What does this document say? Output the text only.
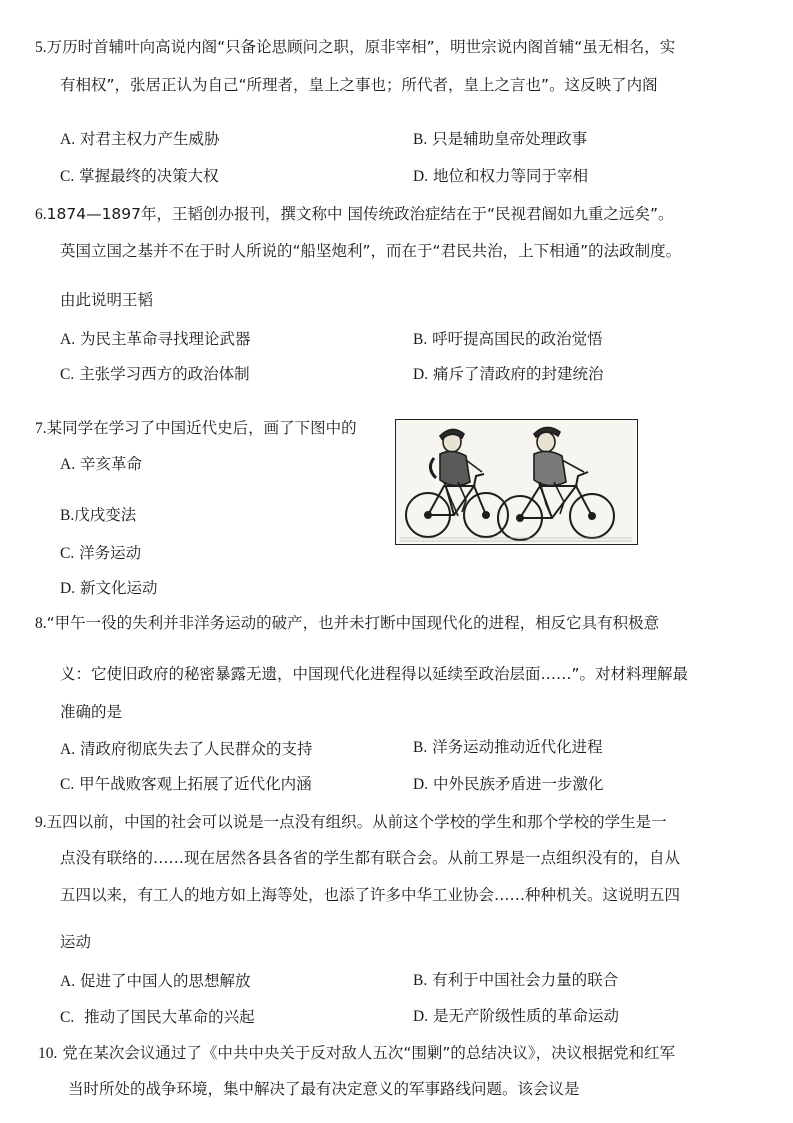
5.万历时首辅叶向高说内阁“只备论思顾问之职，原非宰相”，明世宗说内阁首辅“虽无相名，实
有相权”，张居正认为自己“所理者，皇上之事也；所代者，皇上之言也”。这反映了内阁
A. 对君主权力产生威胁	B. 只是辅助皇帝处理政事
C. 掌握最终的决策大权	D. 地位和权力等同于宰相
6.1874—1897年，王韬创办报刊，撰文称中 国传统政治症结在于“民视君阍如九重之远矣”。
英国立国之基并不在于时人所说的“船坚炮利”，而在于“君民共治，上下相通”的法政制度。
由此说明王韬
A. 为民主革命寻找理论武器	B. 呼吁提高国民的政治觉悟
C. 主张学习西方的政治体制	D. 痛斥了清政府的封建统治
7.某同学在学习了中国近代史后，画了下图中的
A. 辛亥革命
B.戊戌变法
C. 洋务运动
D. 新文化运动
8.“甲午一役的失利并非洋务运动的破产，也并未打断中国现代化的进程，相反它具有积极意
义：它使旧政府的秘密暴露无遗，中国现代化进程得以延续至政治层面……”。对材料理解最
准确的是
A. 清政府彻底失去了人民群众的支持	B. 洋务运动推动近代化进程
C. 甲午战败客观上拓展了近代化内涵	D. 中外民族矛盾进一步激化
9.五四以前，中国的社会可以说是一点没有组织。从前这个学校的学生和那个学校的学生是一
点没有联络的……现在居然各县各省的学生都有联合会。从前工界是一点组织没有的，自从
五四以来，有工人的地方如上海等处，也添了许多中华工业协会……种种机关。这说明五四
运动
A. 促进了中国人的思想解放	B. 有利于中国社会力量的联合
C. 推动了国民大革命的兴起	D. 是无产阶级性质的革命运动
10. 党在某次会议通过了《中共中央关于反对敌人五次“围剿”的总结决议》，决议根据党和红军
当时所处的战争环境，集中解决了最有决定意义的军事路线问题。该会议是
